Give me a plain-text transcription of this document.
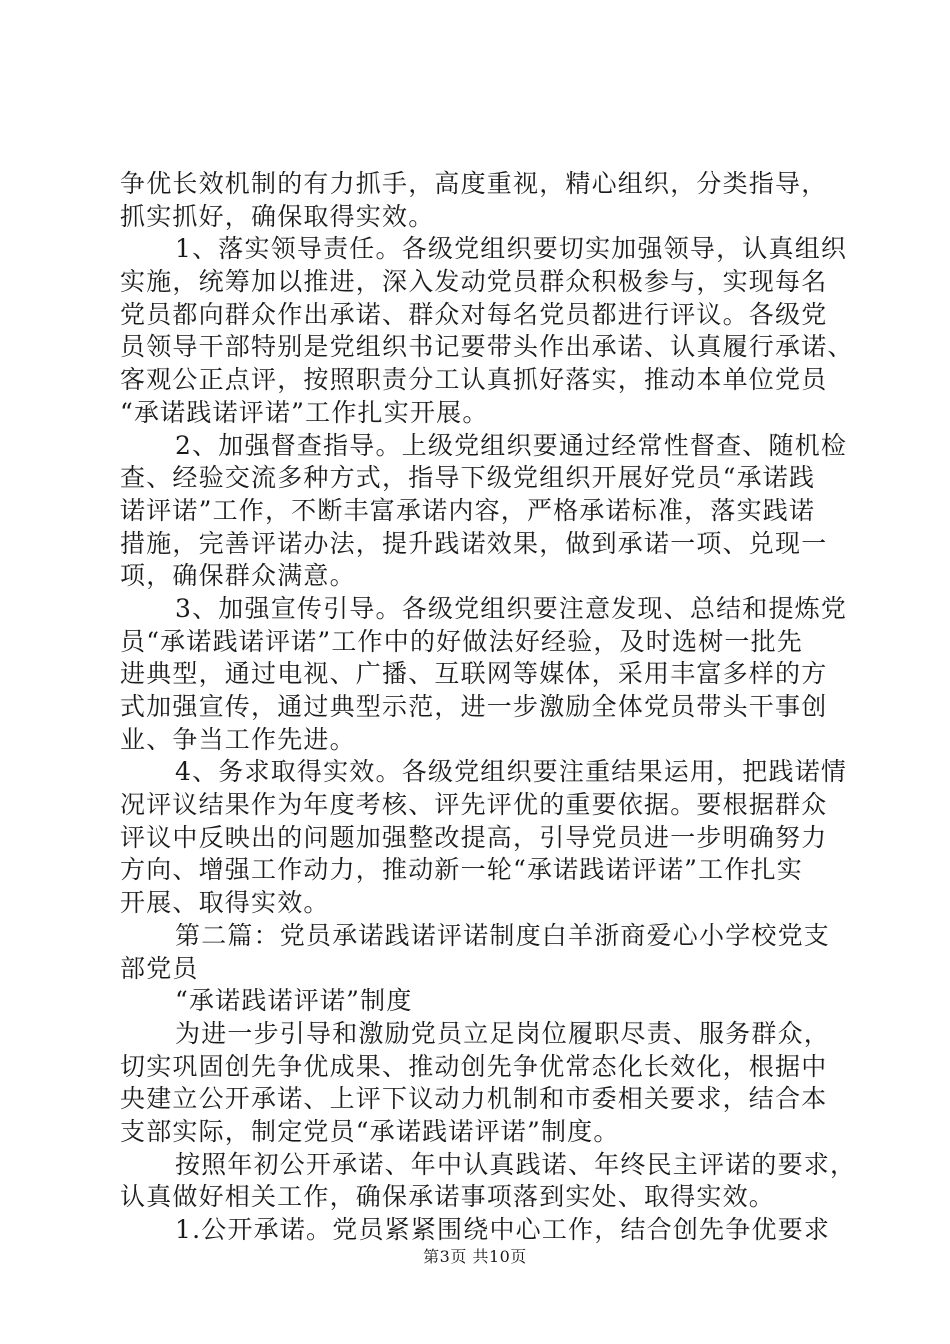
争优长效机制的有力抓手，高度重视，精心组织，分类指导，
抓实抓好，确保取得实效。
1、落实领导责任。各级党组织要切实加强领导，认真组织
实施，统筹加以推进，深入发动党员群众积极参与，实现每名
党员都向群众作出承诺、群众对每名党员都进行评议。各级党
员领导干部特别是党组织书记要带头作出承诺、认真履行承诺、
客观公正点评，按照职责分工认真抓好落实，推动本单位党员
“承诺践诺评诺”工作扎实开展。
2、加强督查指导。上级党组织要通过经常性督查、随机检
查、经验交流多种方式，指导下级党组织开展好党员“承诺践
诺评诺”工作，不断丰富承诺内容，严格承诺标准，落实践诺
措施，完善评诺办法，提升践诺效果，做到承诺一项、兑现一
项，确保群众满意。
3、加强宣传引导。各级党组织要注意发现、总结和提炼党
员“承诺践诺评诺”工作中的好做法好经验，及时选树一批先
进典型，通过电视、广播、互联网等媒体，采用丰富多样的方
式加强宣传，通过典型示范，进一步激励全体党员带头干事创
业、争当工作先进。
4、务求取得实效。各级党组织要注重结果运用，把践诺情
况评议结果作为年度考核、评先评优的重要依据。要根据群众
评议中反映出的问题加强整改提高，引导党员进一步明确努力
方向、增强工作动力，推动新一轮“承诺践诺评诺”工作扎实
开展、取得实效。
第二篇：党员承诺践诺评诺制度白羊浙商爱心小学校党支
部党员
“承诺践诺评诺”制度
为进一步引导和激励党员立足岗位履职尽责、服务群众，
切实巩固创先争优成果、推动创先争优常态化长效化，根据中
央建立公开承诺、上评下议动力机制和市委相关要求，结合本
支部实际，制定党员“承诺践诺评诺”制度。
按照年初公开承诺、年中认真践诺、年终民主评诺的要求，
认真做好相关工作，确保承诺事项落到实处、取得实效。
1.公开承诺。党员紧紧围绕中心工作，结合创先争优要求
第3页 共10页
